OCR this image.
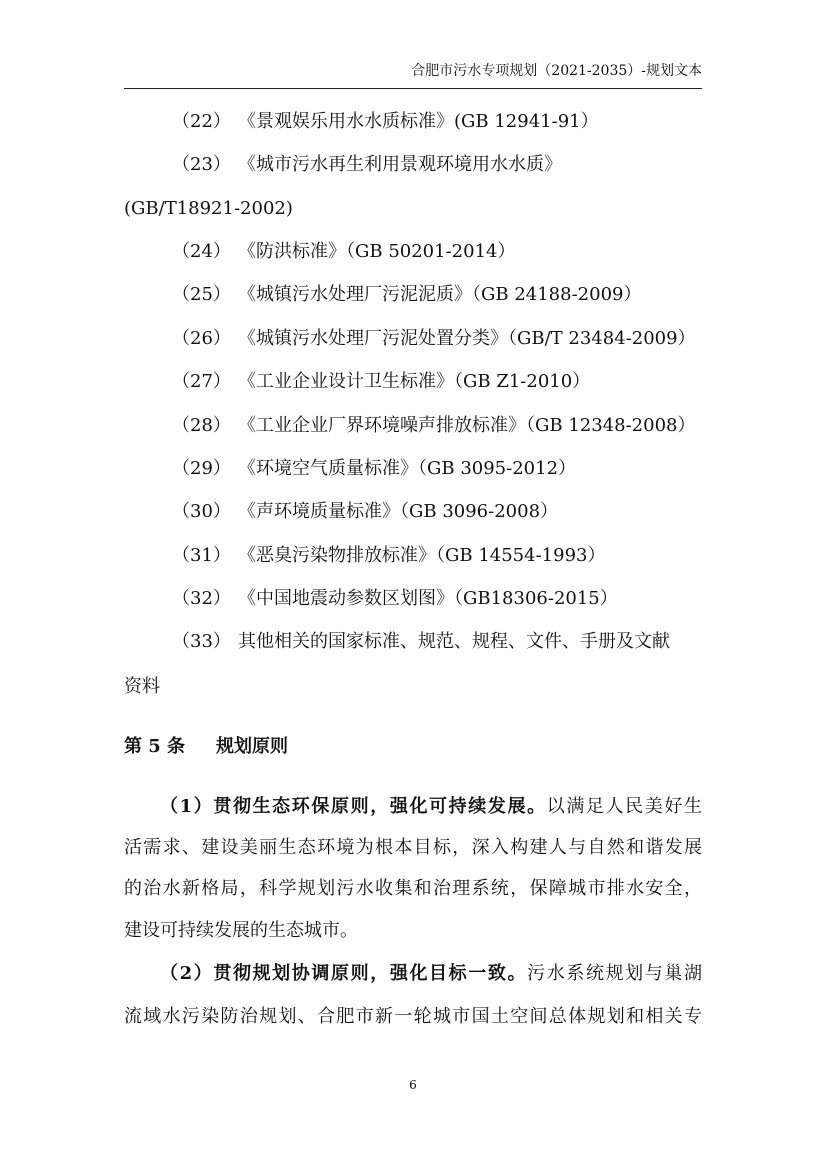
合肥市污水专项规划（2021-2035）-规划文本
（22） 《景观娱乐用水水质标准》(GB 12941-91）
（23） 《城市污水再生利用景观环境用水水质》
(GB/T18921-2002)
（24） 《防洪标准》（GB 50201-2014）
（25） 《城镇污水处理厂污泥泥质》（GB 24188-2009）
（26） 《城镇污水处理厂污泥处置分类》（GB/T 23484-2009）
（27） 《工业企业设计卫生标准》（GB Z1-2010）
（28） 《工业企业厂界环境噪声排放标准》（GB 12348-2008）
（29） 《环境空气质量标准》（GB 3095-2012）
（30） 《声环境质量标准》（GB 3096-2008）
（31） 《恶臭污染物排放标准》（GB 14554-1993）
（32） 《中国地震动参数区划图》（GB18306-2015）
（33） 其他相关的国家标准、规范、规程、文件、手册及文献
资料
第 5 条 规划原则
（1）贯彻生态环保原则，强化可持续发展。以满足人民美好生
活需求、建设美丽生态环境为根本目标，深入构建人与自然和谐发展
的治水新格局，科学规划污水收集和治理系统，保障城市排水安全，
建设可持续发展的生态城市。
（2）贯彻规划协调原则，强化目标一致。污水系统规划与巢湖
流域水污染防治规划、合肥市新一轮城市国土空间总体规划和相关专
6
